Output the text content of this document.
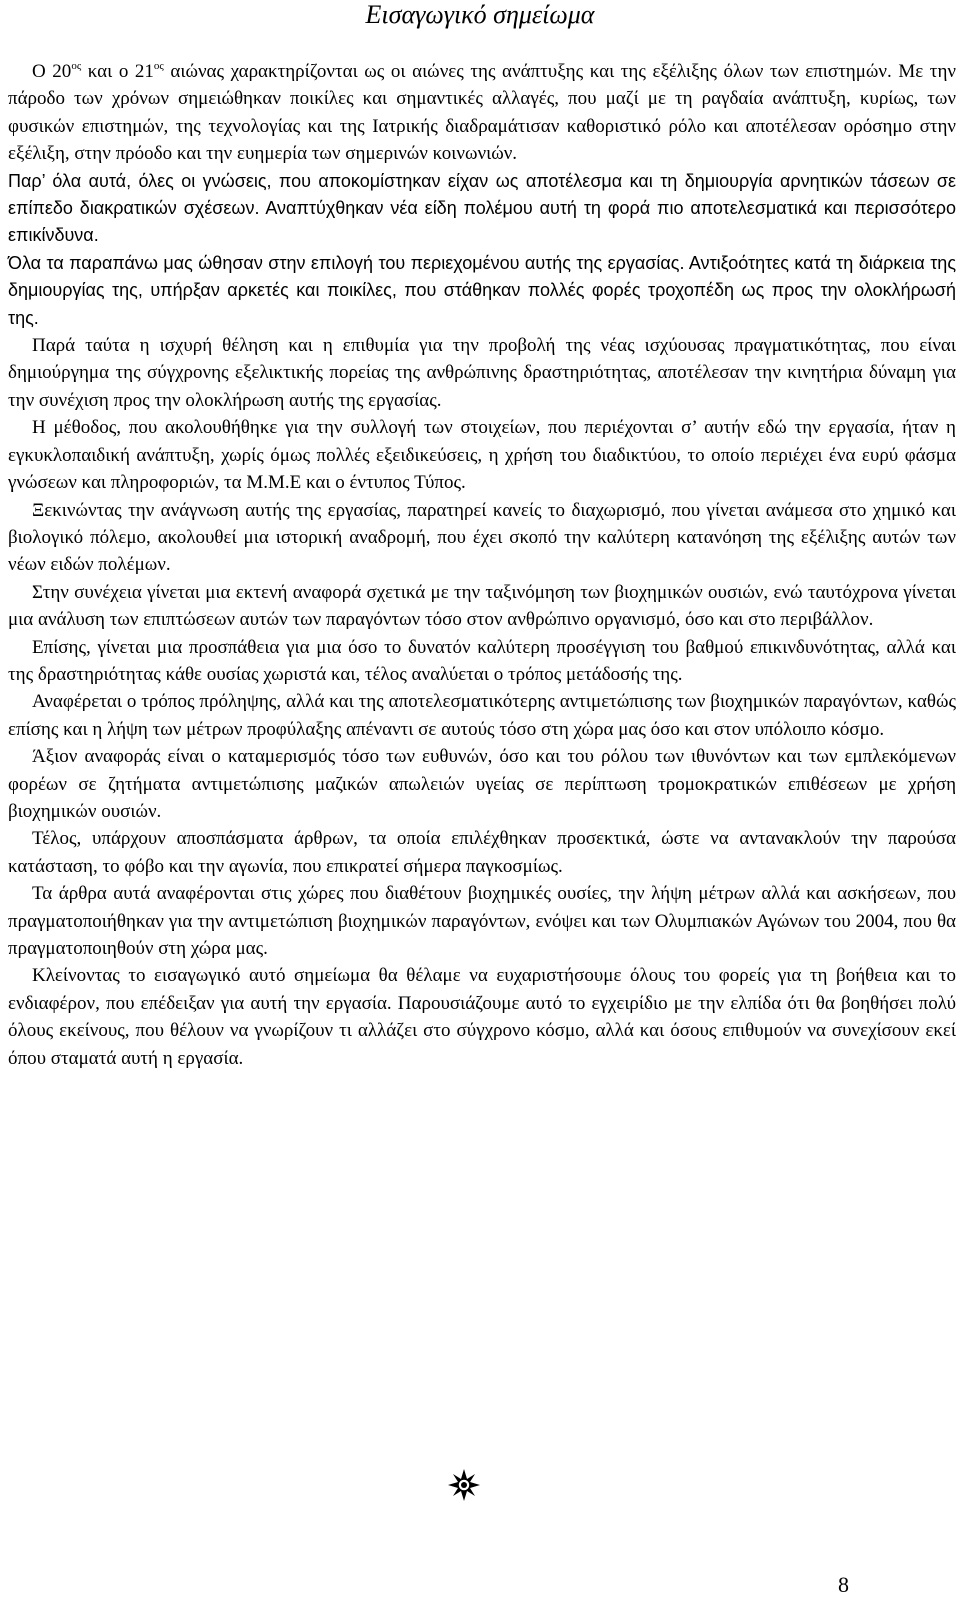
Εισαγωγικό σημείωμα

Ο $20^{o\varsigma}$ και ο $21^{o\varsigma}$ αιώνας χαρακτηρίζονται ως οι αιώνες της ανάπτυξης και της εξέλιξης όλων των επιστημών. Με την πάροδο των χρόνων σημειώθηκαν ποικίλες και σημαντικές αλλαγές, που μαζί με τη ραγδαία ανάπτυξη, κυρίως, των φυσικών επιστημών, της τεχνολογίας και της Ιατρικής διαδραμάτισαν καθοριστικό ρόλο και αποτέλεσαν ορόσημο στην εξέλιξη, στην πρόοδο και την ευημερία των σημερινών κοινωνιών.

Παρ’ όλα αυτά, όλες οι γνώσεις, που αποκομίστηκαν είχαν ως αποτέλεσμα και τη δημιουργία αρνητικών τάσεων σε επίπεδο διακρατικών σχέσεων. Αναπτύχθηκαν νέα είδη πολέμου αυτή τη φορά πιο αποτελεσματικά και περισσότερο επικίνδυνα.

Όλα τα παραπάνω μας ώθησαν στην επιλογή του περιεχομένου αυτής της εργασίας. Αντιξοότητες κατά τη διάρκεια της δημιουργίας της, υπήρξαν αρκετές και ποικίλες, που στάθηκαν πολλές φορές τροχοπέδη ως προς την ολοκλήρωσή της.

Παρά ταύτα η ισχυρή θέληση και η επιθυμία για την προβολή της νέας ισχύουσας πραγματικότητας, που είναι δημιούργημα της σύγχρονης εξελικτικής πορείας της ανθρώπινης δραστηριότητας, αποτέλεσαν την κινητήρια δύναμη για την συνέχιση προς την ολοκλήρωση αυτής της εργασίας.

Η μέθοδος, που ακολουθήθηκε για την συλλογή των στοιχείων, που περιέχονται σ’ αυτήν εδώ την εργασία, ήταν η εγκυκλοπαιδική ανάπτυξη, χωρίς όμως πολλές εξειδικεύσεις, η χρήση του διαδικτύου, το οποίο περιέχει ένα ευρύ φάσμα γνώσεων και πληροφοριών, τα Μ.Μ.Ε και ο έντυπος Τύπος.

Ξεκινώντας την ανάγνωση αυτής της εργασίας, παρατηρεί κανείς το διαχωρισμό, που γίνεται ανάμεσα στο χημικό και βιολογικό πόλεμο, ακολουθεί μια ιστορική αναδρομή, που έχει σκοπό την καλύτερη κατανόηση της εξέλιξης αυτών των νέων ειδών πολέμων.

Στην συνέχεια γίνεται μια εκτενή αναφορά σχετικά με την ταξινόμηση των βιοχημικών ουσιών, ενώ ταυτόχρονα γίνεται μια ανάλυση των επιπτώσεων αυτών των παραγόντων τόσο στον ανθρώπινο οργανισμό, όσο και στο περιβάλλον.

Επίσης, γίνεται μια προσπάθεια για μια όσο το δυνατόν καλύτερη προσέγγιση του βαθμού επικινδυνότητας, αλλά και της δραστηριότητας κάθε ουσίας χωριστά και, τέλος αναλύεται ο τρόπος μετάδοσής της.

Αναφέρεται ο τρόπος πρόληψης, αλλά και της αποτελεσματικότερης αντιμετώπισης των βιοχημικών παραγόντων, καθώς επίσης και η λήψη των μέτρων προφύλαξης απέναντι σε αυτούς τόσο στη χώρα μας όσο και στον υπόλοιπο κόσμο.

Άξιον αναφοράς είναι ο καταμερισμός τόσο των ευθυνών, όσο και του ρόλου των ιθυνόντων και των εμπλεκόμενων φορέων σε ζητήματα αντιμετώπισης μαζικών απωλειών υγείας σε περίπτωση τρομοκρατικών επιθέσεων με χρήση βιοχημικών ουσιών.

Τέλος, υπάρχουν αποσπάσματα άρθρων, τα οποία επιλέχθηκαν προσεκτικά, ώστε να αντανακλούν την παρούσα κατάσταση, το φόβο και την αγωνία, που επικρατεί σήμερα παγκοσμίως.

Τα άρθρα αυτά αναφέρονται στις χώρες που διαθέτουν βιοχημικές ουσίες, την λήψη μέτρων αλλά και ασκήσεων, που πραγματοποιήθηκαν για την αντιμετώπιση βιοχημικών παραγόντων, ενόψει και των Ολυμπιακών Αγώνων του 2004, που θα πραγματοποιηθούν στη χώρα μας.

Κλείνοντας το εισαγωγικό αυτό σημείωμα θα θέλαμε να ευχαριστήσουμε όλους του φορείς για τη βοήθεια και το ενδιαφέρον, που επέδειξαν για αυτή την εργασία. Παρουσιάζουμε αυτό το εγχειρίδιο με την ελπίδα ότι θα βοηθήσει πολύ όλους εκείνους, που θέλουν να γνωρίζουν τι αλλάζει στο σύγχρονο κόσμο, αλλά και όσους επιθυμούν να συνεχίσουν εκεί όπου σταματά αυτή η εργασία.

8
